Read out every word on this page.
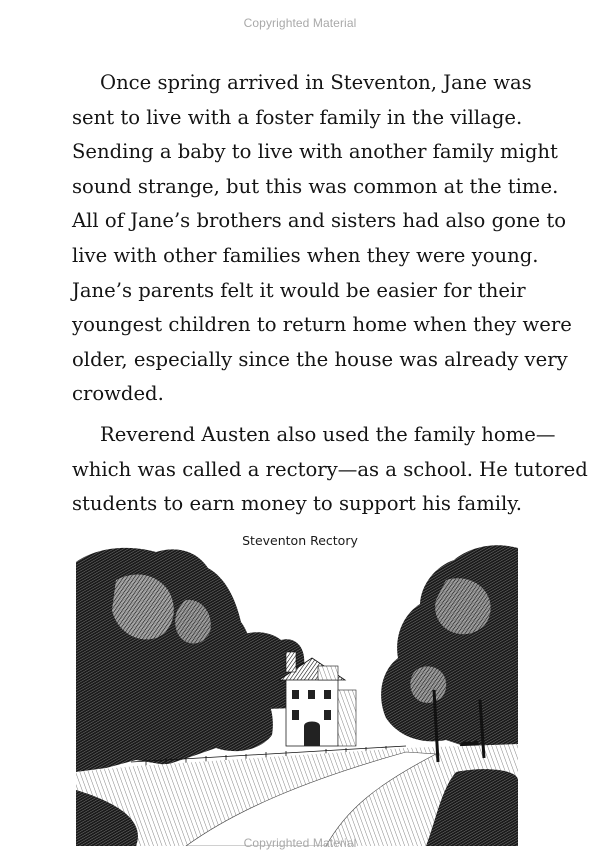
Copyrighted Material

Once spring arrived in Steventon, Jane was
sent to live with a foster family in the village.
Sending a baby to live with another family might
sound strange, but this was common at the time.
All of Jane’s brothers and sisters had also gone to
live with other families when they were young.
Jane’s parents felt it would be easier for their
youngest children to return home when they were
older, especially since the house was already very
crowded.

Reverend Austen also used the family home—
which was called a rectory—as a school. He tutored
students to earn money to support his family.

Steventon Rectory
Copyrighted Material
